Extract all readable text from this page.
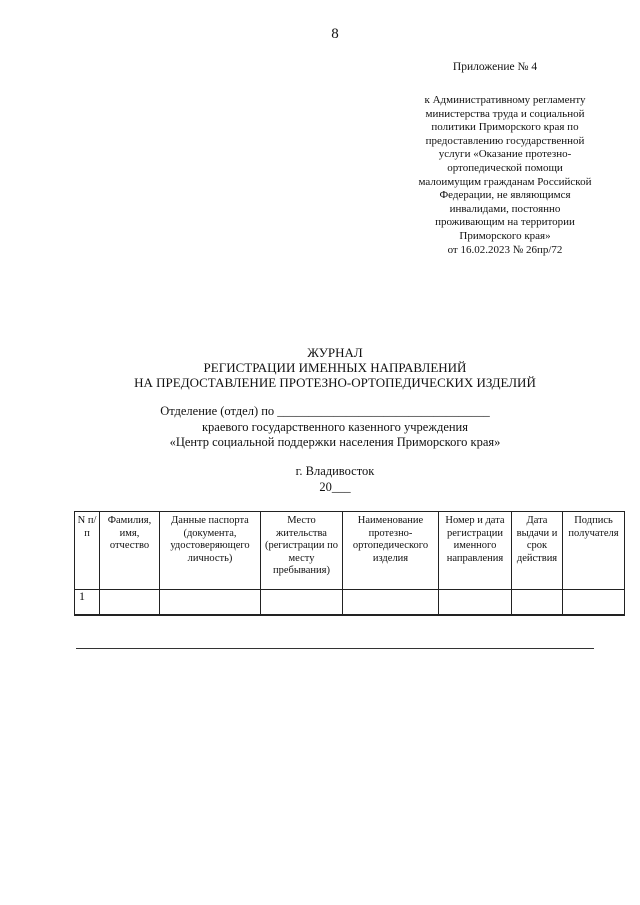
8
Приложение № 4
к Административному регламенту
министерства труда и социальной
политики Приморского края по
предоставлению государственной
услуги «Оказание протезно-
ортопедической помощи
малоимущим гражданам Российской
Федерации, не являющимся
инвалидами, постоянно
проживающим на территории
Приморского края»
от 16.02.2023 № 26пр/72
ЖУРНАЛ
РЕГИСТРАЦИИ ИМЕННЫХ НАПРАВЛЕНИЙ
НА ПРЕДОСТАВЛЕНИЕ ПРОТЕЗНО-ОРТОПЕДИЧЕСКИХ ИЗДЕЛИЙ
Отделение (отдел) по __________________________________
краевого государственного казенного учреждения
«Центр социальной поддержки населения Приморского края»
г. Владивосток
20___
N п/п	Фамилия, имя, отчество	Данные паспорта (документа, удостоверяющего личность)	Место жительства (регистрации по месту пребывания)	Наименование протезно-ортопедического изделия	Номер и дата регистрации именного направления	Дата выдачи и срок действия	Подпись получателя
1							
